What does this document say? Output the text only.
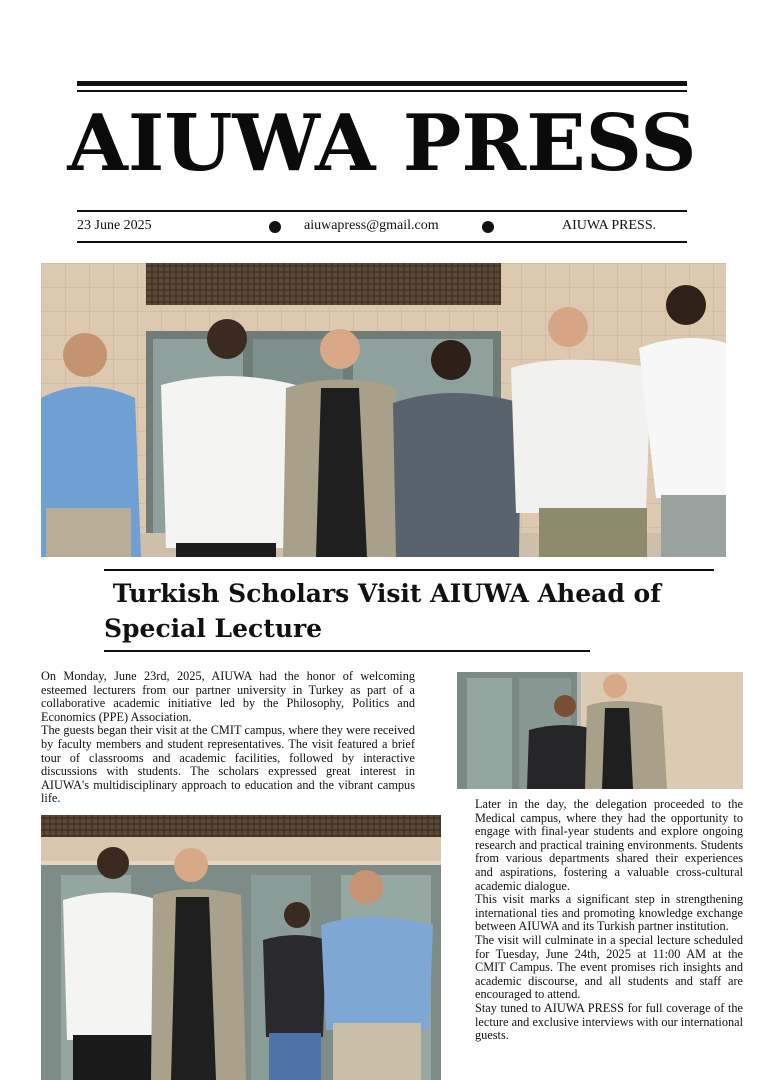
AIUWA PRESS
23 June 2025	aiuwapress@gmail.com	AIUWA PRESS.
Turkish Scholars Visit AIUWA Ahead of
Special Lecture

On Monday, June 23rd, 2025, AIUWA had the honor of welcoming esteemed lecturers from our partner university in Turkey as part of a collaborative academic initiative led by the Philosophy, Politics and Economics (PPE) Association.

The guests began their visit at the CMIT campus, where they were received by faculty members and student representatives. The visit featured a brief tour of classrooms and academic facilities, followed by interactive discussions with students. The scholars expressed great interest in AIUWA's multidisciplinary approach to education and the vibrant campus life.	Later in the day, the delegation proceeded to the Medical campus, where they had the opportunity to engage with final-year students and explore ongoing research and practical training environments. Students from various departments shared their experiences and aspirations, fostering a valuable cross-cultural academic dialogue.

This visit marks a significant step in strengthening international ties and promoting knowledge exchange between AIUWA and its Turkish partner institution.

The visit will culminate in a special lecture scheduled for Tuesday, June 24th, 2025 at 11:00 AM at the CMIT Campus. The event promises rich insights and academic discourse, and all students and staff are encouraged to attend.

Stay tuned to AIUWA PRESS for full coverage of the lecture and exclusive interviews with our international guests.
